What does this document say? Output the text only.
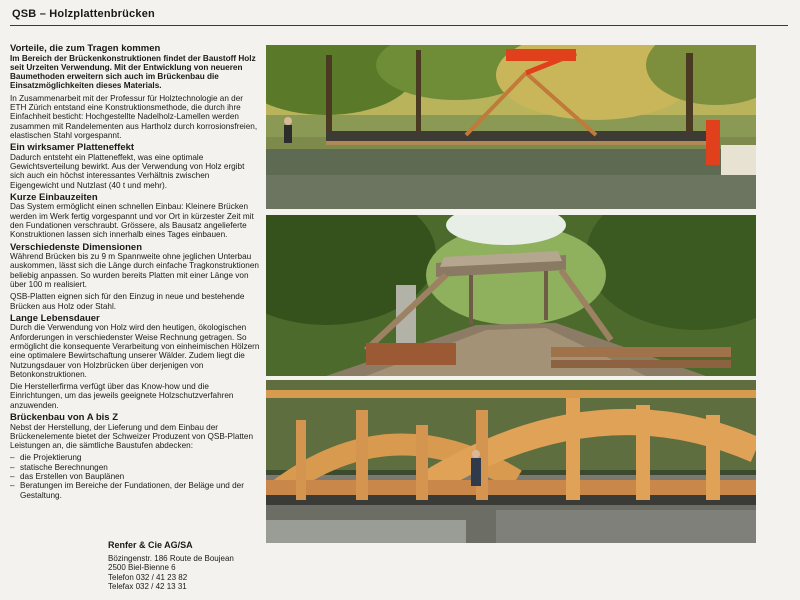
QSB – Holzplattenbrücken
Vorteile, die zum Tragen kommen

Im Bereich der Brückenkonstruktionen findet der Baustoff Holz seit Urzeiten Verwendung. Mit der Entwicklung von neueren Baumethoden erweitern sich auch im Brückenbau die Einsatzmöglichkeiten dieses Materials.

In Zusammenarbeit mit der Professur für Holztechnologie an der ETH Zürich entstand eine Konstruktionsmethode, die durch ihre Einfachheit besticht: Hochgestellte Nadelholz-Lamellen werden zusammen mit Randelementen aus Hartholz durch korrosionsfreien, elastischen Stahl vorgespannt.

Ein wirksamer Platteneffekt

Dadurch entsteht ein Platteneffekt, was eine optimale Gewichtsverteilung bewirkt. Aus der Verwendung von Holz ergibt sich auch ein höchst interessantes Verhältnis zwischen Eigengewicht und Nutzlast (40 t und mehr).

Kurze Einbauzeiten

Das System ermöglicht einen schnellen Einbau: Kleinere Brücken werden im Werk fertig vorgespannt und vor Ort in kürzester Zeit mit den Fundationen verschraubt. Grössere, als Bausatz angelieferte Konstruktionen lassen sich innerhalb eines Tages einbauen.

Verschiedenste Dimensionen

Während Brücken bis zu 9 m Spannweite ohne jeglichen Unterbau auskommen, lässt sich die Länge durch einfache Tragkonstruktionen beliebig anpassen. So wurden bereits Platten mit einer Länge von über 100 m realisiert.

QSB-Platten eignen sich für den Einzug in neue und bestehende Brücken aus Holz oder Stahl.

Lange Lebensdauer

Durch die Verwendung von Holz wird den heutigen, ökologischen Anforderungen in verschiedenster Weise Rechnung getragen. So ermöglicht die konsequente Verarbeitung von einheimischen Hölzern eine optimalere Bewirtschaftung unserer Wälder. Zudem liegt die Nutzungsdauer von Holzbrücken über derjenigen von Betonkonstruktionen.

Die Herstellerfirma verfügt über das Know-how und die Einrichtungen, um das jeweils geeignete Holzschutzverfahren anzuwenden.

Brückenbau von A bis Z

Nebst der Herstellung, der Lieferung und dem Einbau der Brückenelemente bietet der Schweizer Produzent von QSB-Platten Leistungen an, die sämtliche Baustufen abdecken:

– die Projektierung
– statische Berechnungen
– das Erstellen von Bauplänen
– Beratungen im Bereiche der Fundationen, der Beläge und der Gestaltung.
Renfer & Cie AG/SA
Bözingenstr. 186 Route de Boujean
2500 Biel-Bienne 6
Telefon 032 / 41 23 82
Telefax 032 / 42 13 31
